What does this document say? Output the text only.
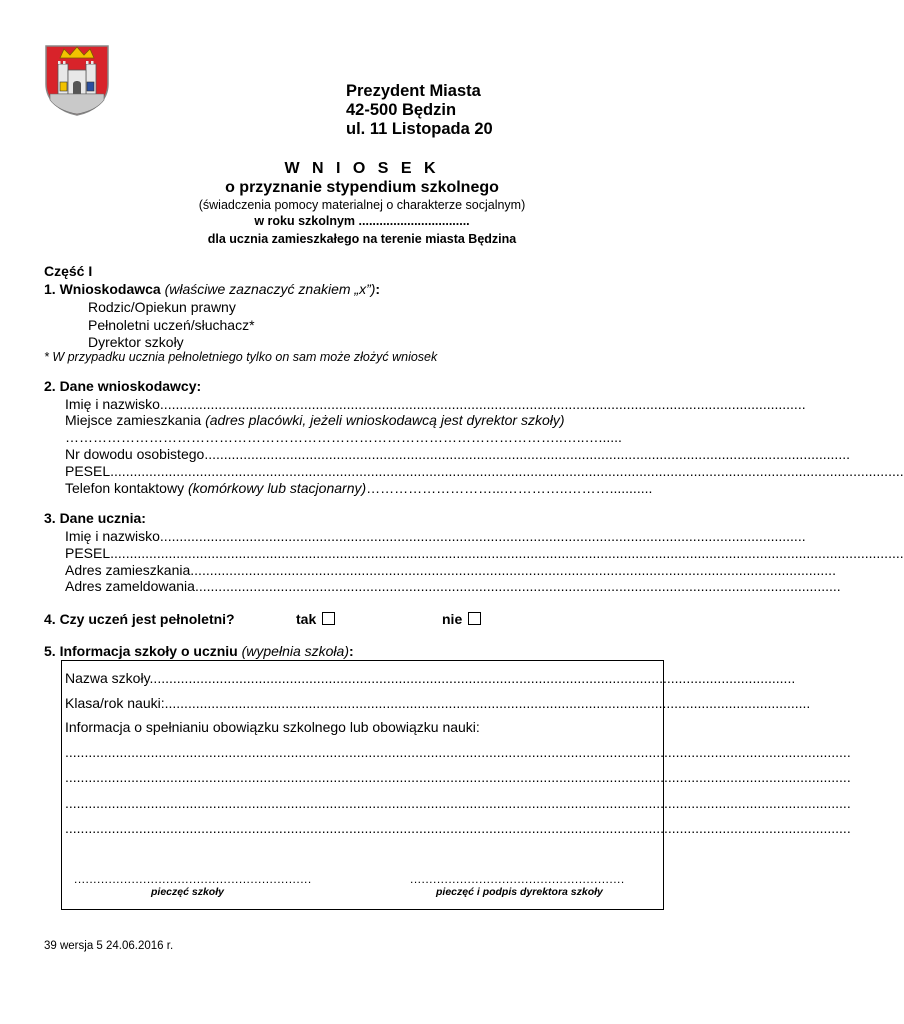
Prezydent Miasta
42-500 Będzin
ul. 11 Listopada 20
W N I O S E K
o przyznanie stypendium szkolnego
(świadczenia pomocy materialnej o charakterze socjalnym)
w roku szkolnym ................................
dla ucznia zamieszkałego na terenie miasta Będzina
Część I
1. Wnioskodawca (właściwe zaznaczyć znakiem „x”):
Rodzic/Opiekun prawny
Pełnoletni uczeń/słuchacz*
Dyrektor szkoły
* W przypadku ucznia pełnoletniego tylko on sam może złożyć wniosek
2. Dane wnioskodawcy:
Imię i nazwisko......................................................................................................................................................................
Miejsce zamieszkania (adres placówki, jeżeli wnioskodawcą jest dyrektor szkoły)
……………………………………………………………………………………………..…..…......
Nr dowodu osobistego......................................................................................................................................................................
PESEL............................................................................................................................................................................................................
Telefon kontaktowy (komórkowy lub stacjonarny)………………………...…………..………...........
3. Dane ucznia:
Imię i nazwisko......................................................................................................................................................................
PESEL............................................................................................................................................................................................................
Adres zamieszkania......................................................................................................................................................................
Adres zameldowania......................................................................................................................................................................
4. Czy uczeń jest pełnoletni?	tak	nie
5. Informacja szkoły o uczniu (wypełnia szkoła):
Nazwa szkoły......................................................................................................................................................................
Klasa/rok nauki:......................................................................................................................................................................
Informacja o spełnianiu obowiązku szkolnego lub obowiązku nauki:
..........................................................................................................................................................................................................
..........................................................................................................................................................................................................
..........................................................................................................................................................................................................
..........................................................................................................................................................................................................
..............................................................	........................................................
pieczęć szkoły	pieczęć i podpis dyrektora szkoły
39 wersja 5 24.06.2016 r.
